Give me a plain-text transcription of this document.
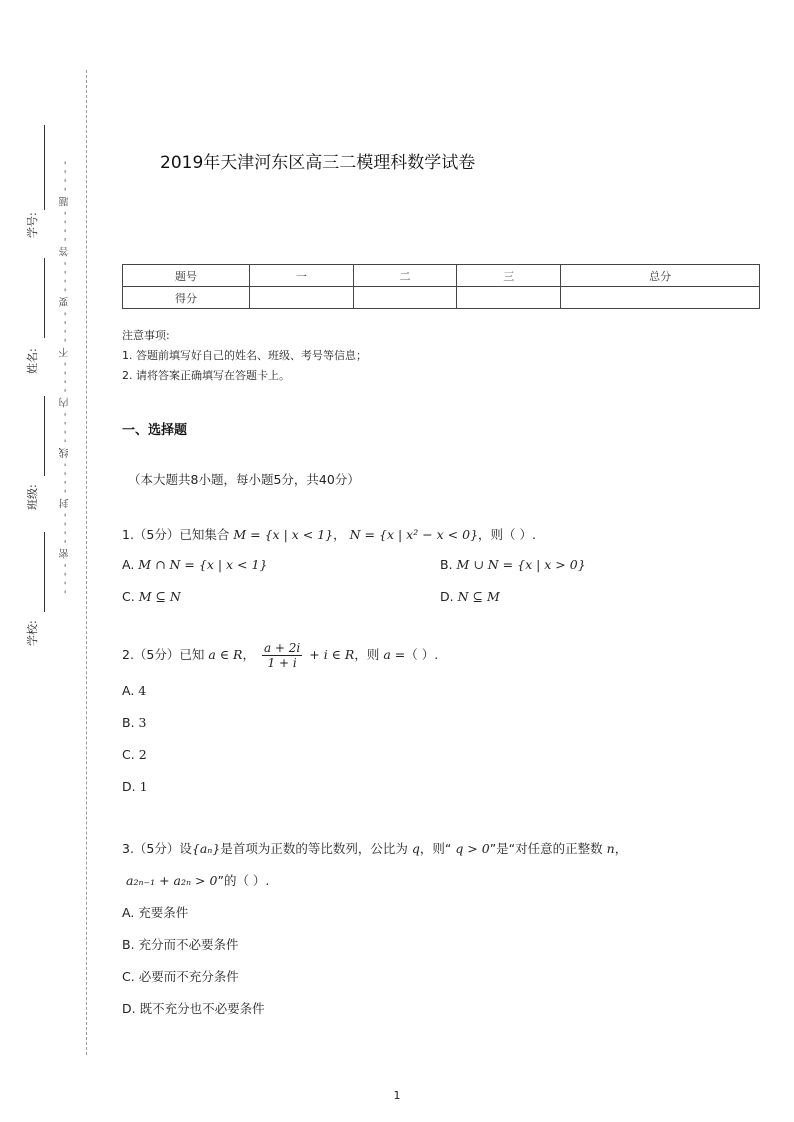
学号:
姓名:
班级:
学校:
- - - - 密 - - - - 封 - - - - 线 - - - - 内 - - - - 不 - - - - 要 - - - - 答 - - - - 题 - - - -	2019年天津河东区高三二模理科数学试卷
题号	一	二	三	总分
得分				
注意事项:
1. 答题前填写好自己的姓名、班级、考号等信息；
2. 请将答案正确填写在答题卡上。
一、选择题
（本大题共8小题，每小题5分，共40分）
1.（5分）已知集合 M = {x | x < 1}， N = {x | x² − x < 0}，则（ ）.
A. M ∩ N = {x | x < 1}	B. M ∪ N = {x | x > 0}
C. M ⊆ N	D. N ⊆ M
2.（5分）已知 a ∈ R， $\frac{a + 2i}{1 + i} + i$ ∈ R，则 a =（ ）.
A. 4
B. 3
C. 2
D. 1
3.（5分）设{aₙ}是首项为正数的等比数列，公比为 q，则“ q > 0”是“对任意的正整数 n，
a₂ₙ₋₁ + a₂ₙ > 0”的（ ）.
A. 充要条件
B. 充分而不必要条件
C. 必要而不充分条件
D. 既不充分也不必要条件
1
